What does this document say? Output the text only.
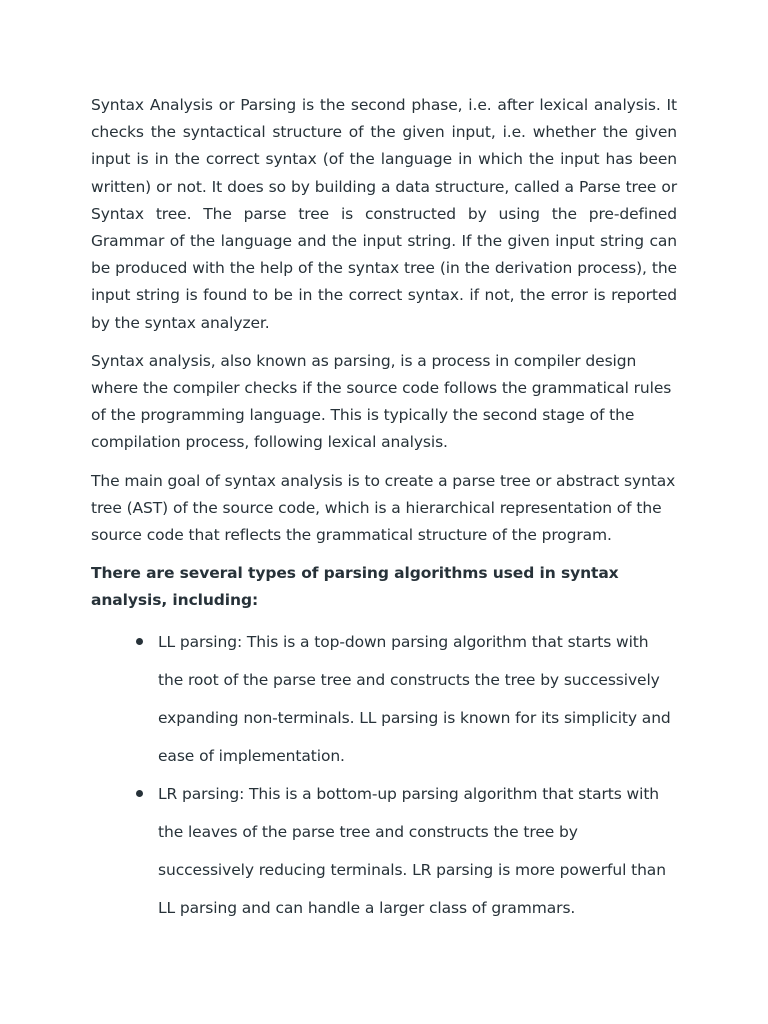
Syntax Analysis or Parsing is the second phase, i.e. after lexical analysis. It checks the syntactical structure of the given input, i.e. whether the given input is in the correct syntax (of the language in which the input has been written) or not. It does so by building a data structure, called a Parse tree or Syntax tree. The parse tree is constructed by using the pre-defined Grammar of the language and the input string. If the given input string can be produced with the help of the syntax tree (in the derivation process), the input string is found to be in the correct syntax. if not, the error is reported by the syntax analyzer.

Syntax analysis, also known as parsing, is a process in compiler design where the compiler checks if the source code follows the grammatical rules of the programming language. This is typically the second stage of the compilation process, following lexical analysis.

The main goal of syntax analysis is to create a parse tree or abstract syntax tree (AST) of the source code, which is a hierarchical representation of the source code that reflects the grammatical structure of the program.

There are several types of parsing algorithms used in syntax analysis, including:

LL parsing: This is a top-down parsing algorithm that starts with the root of the parse tree and constructs the tree by successively expanding non-terminals. LL parsing is known for its simplicity and ease of implementation.
LR parsing: This is a bottom-up parsing algorithm that starts with the leaves of the parse tree and constructs the tree by successively reducing terminals. LR parsing is more powerful than LL parsing and can handle a larger class of grammars.
